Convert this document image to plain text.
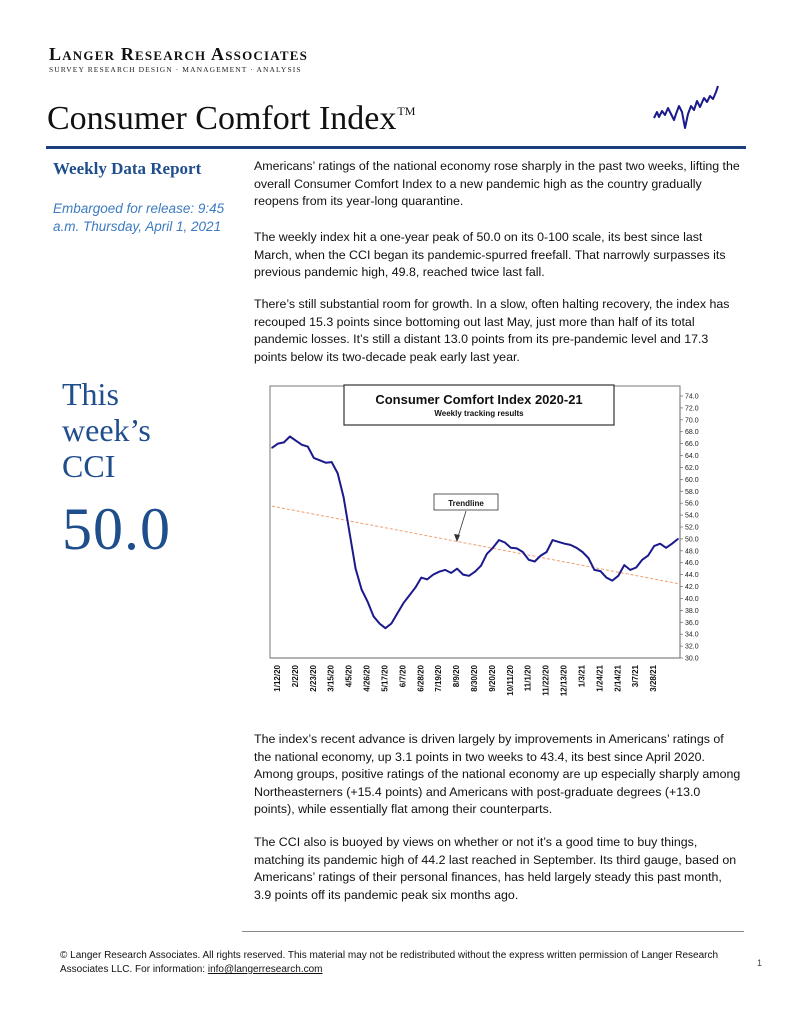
Langer Research Associates
SURVEY RESEARCH DESIGN · MANAGEMENT · ANALYSIS
Consumer Comfort Index™
Weekly Data Report
Embargoed for release: 9:45 a.m. Thursday, April 1, 2021
This week’s CCI
50.0
Americans’ ratings of the national economy rose sharply in the past two weeks, lifting the overall Consumer Comfort Index to a new pandemic high as the country gradually reopens from its year-long quarantine.
The weekly index hit a one-year peak of 50.0 on its 0-100 scale, its best since last March, when the CCI began its pandemic-spurred freefall. That narrowly surpasses its previous pandemic high, 49.8, reached twice last fall.
There’s still substantial room for growth. In a slow, often halting recovery, the index has recouped 15.3 points since bottoming out last May, just more than half of its total pandemic losses. It’s still a distant 13.0 points from its pre-pandemic level and 17.3 points below its two-decade peak early last year.
Consumer Comfort Index 2020-21
Weekly tracking results
74.0
72.0
70.0
68.0
66.0
64.0
62.0
60.0
58.0
56.0
54.0
52.0
50.0
48.0
46.0
44.0
42.0
40.0
38.0
36.0
34.0
32.0
30.0
1/12/20 2/2/20 2/23/20 3/15/20 4/5/20 4/26/20 5/17/20 6/7/20 6/28/20 7/19/20 8/9/20 8/30/20 9/20/20 10/11/20 11/1/20 11/22/20 12/13/20 1/3/21 1/24/21 2/14/21 3/7/21 3/28/21
Trendline
The index’s recent advance is driven largely by improvements in Americans’ ratings of the national economy, up 3.1 points in two weeks to 43.4, its best since April 2020. Among groups, positive ratings of the national economy are up especially sharply among Northeasterners (+15.4 points) and Americans with post-graduate degrees (+13.0 points), while essentially flat among their counterparts.
The CCI also is buoyed by views on whether or not it’s a good time to buy things, matching its pandemic high of 44.2 last reached in September. Its third gauge, based on Americans’ ratings of their personal finances, has held largely steady this past month, 3.9 points off its pandemic peak six months ago.
© Langer Research Associates. All rights reserved. This material may not be redistributed without the express written permission of Langer Research Associates LLC. For information: info@langerresearch.com
1
